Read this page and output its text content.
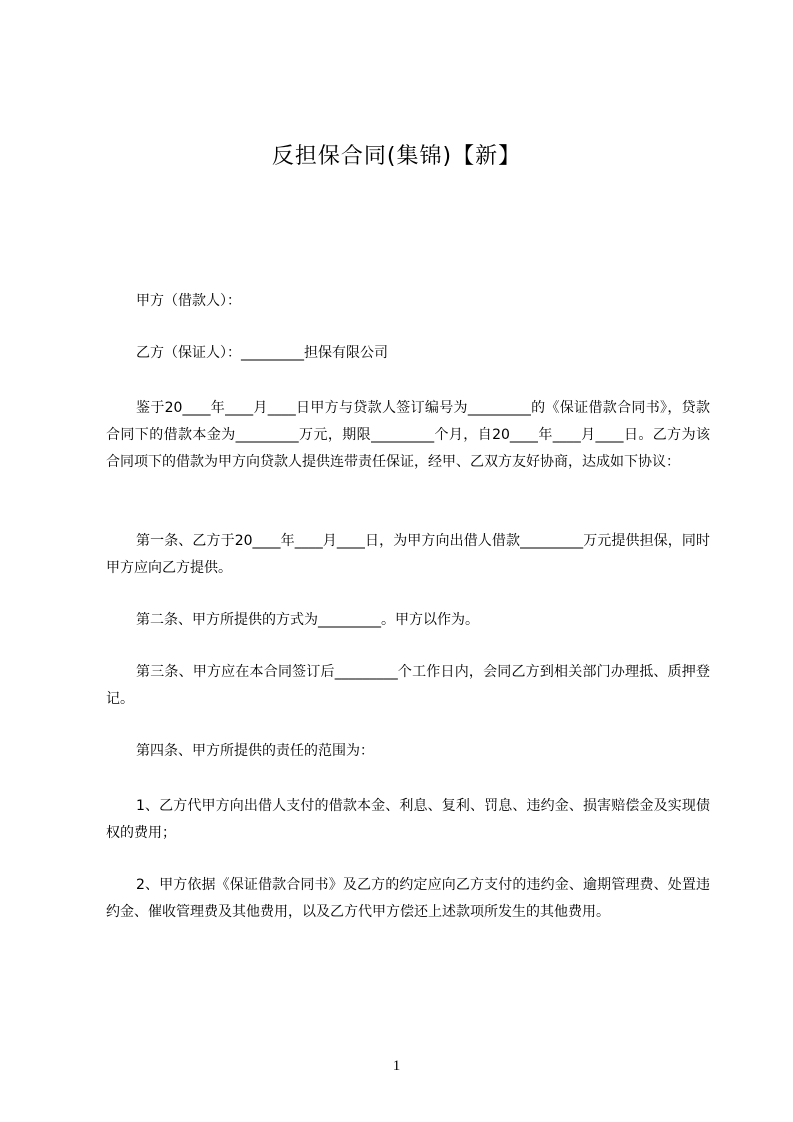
反担保合同(集锦)【新】

甲方（借款人）：

乙方（保证人）：_________担保有限公司

鉴于20____年____月____日甲方与贷款人签订编号为_________的《保证借款合同书》，贷款合同下的借款本金为_________万元，期限_________个月，自20____年____月____日。乙方为该合同项下的借款为甲方向贷款人提供连带责任保证，经甲、乙双方友好协商，达成如下协议：

第一条、乙方于20____年____月____日，为甲方向出借人借款_________万元提供担保，同时甲方应向乙方提供。

第二条、甲方所提供的方式为_________。甲方以作为。

第三条、甲方应在本合同签订后_________个工作日内，会同乙方到相关部门办理抵、质押登记。

第四条、甲方所提供的责任的范围为：

1、乙方代甲方向出借人支付的借款本金、利息、复利、罚息、违约金、损害赔偿金及实现债权的费用；

2、甲方依据《保证借款合同书》及乙方的约定应向乙方支付的违约金、逾期管理费、处置违约金、催收管理费及其他费用，以及乙方代甲方偿还上述款项所发生的其他费用。

1
